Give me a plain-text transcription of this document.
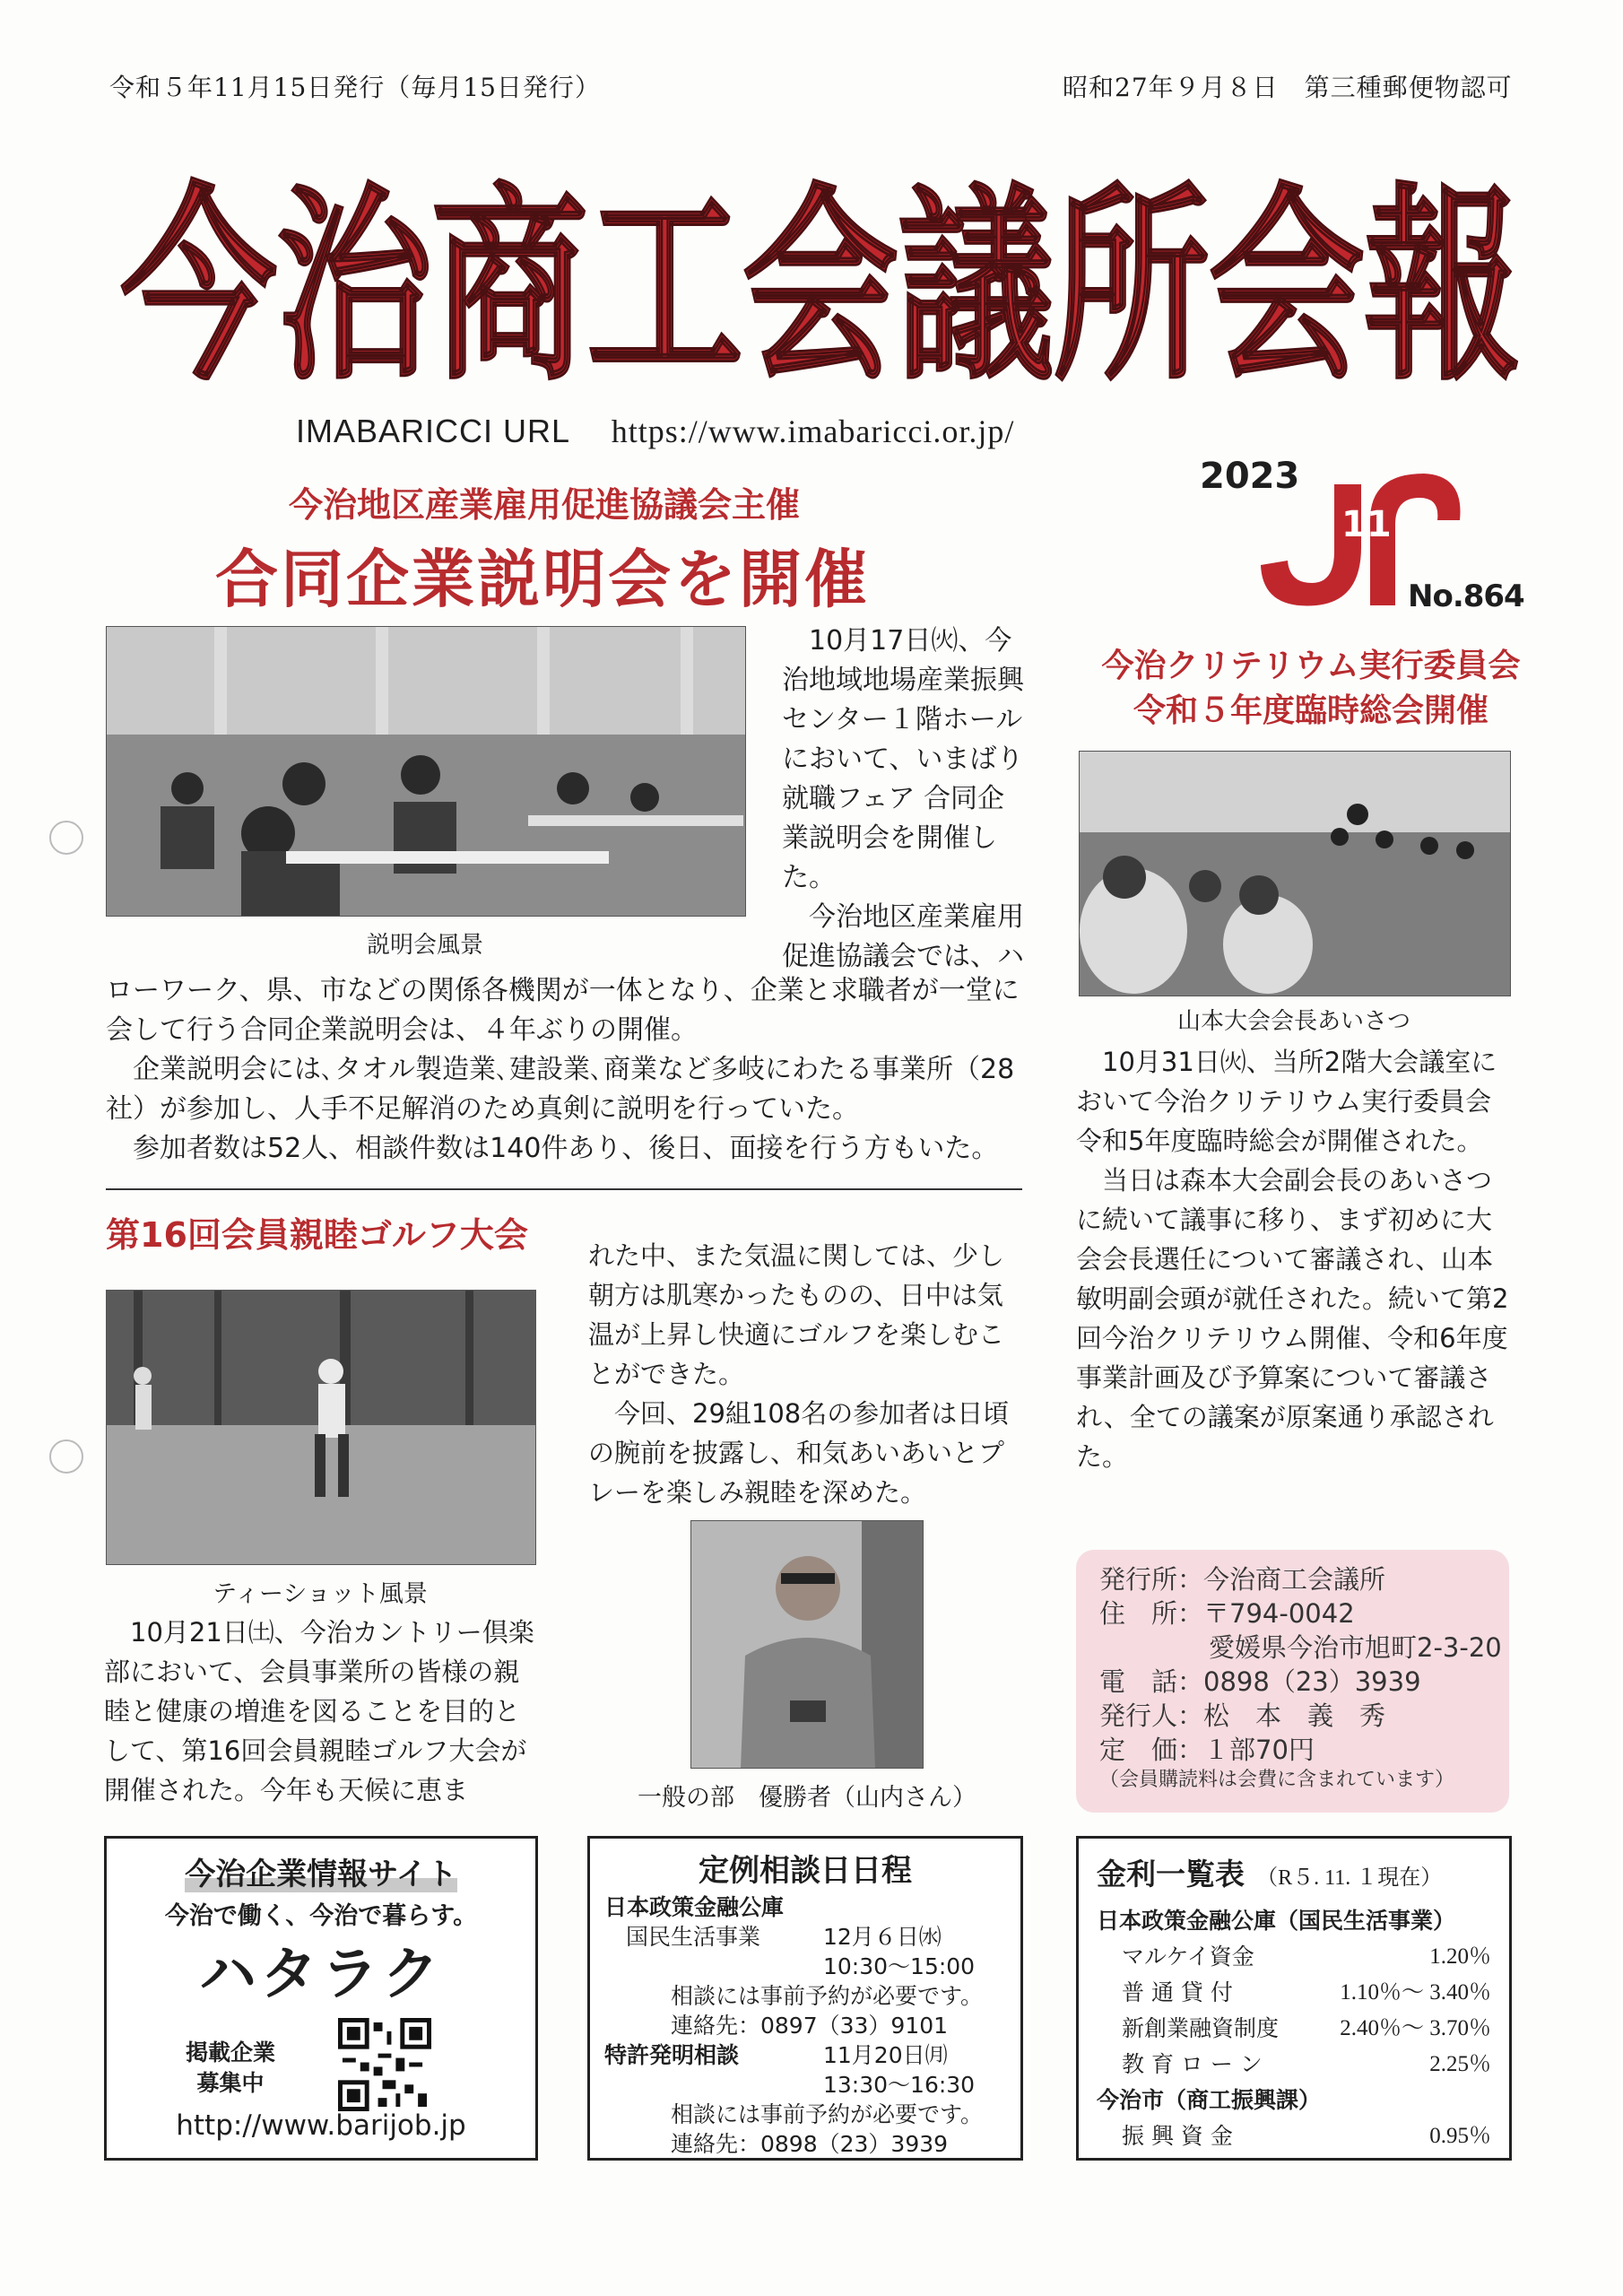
令和５年11月15日発行（毎月15日発行）	昭和27年９月８日　第三種郵便物認可
今治商工会議所会報
IMABARICCI URL https://www.imabaricci.or.jp/
2023
11
No.864
今治地区産業雇用促進協議会主催
合同企業説明会を開催
説明会風景

10月17日㈫、今治地域地場産業振興センター１階ホールにおいて、いまばり就職フェア 合同企業説明会を開催した。

今治地区産業雇用促進協議会では、ハ

ローワーク、県、市などの関係各機関が一体となり、企業と求職者が一堂に

会して行う合同企業説明会は、４年ぶりの開催。

企業説明会には､タオル製造業､建設業､商業など多岐にわたる事業所（28

社）が参加し、人手不足解消のため真剣に説明を行っていた。

参加者数は52人、相談件数は140件あり、後日、面接を行う方もいた。

今治クリテリウム実行委員会
令和５年度臨時総会開催
山本大会会長あいさつ

10月31日㈫、当所2階大会議室において今治クリテリウム実行委員会令和5年度臨時総会が開催された。

当日は森本大会副会長のあいさつに続いて議事に移り、まず初めに大会会長選任について審議され、山本敏明副会頭が就任された。続いて第2回今治クリテリウム開催、令和6年度事業計画及び予算案について審議され、全ての議案が原案通り承認された。

第16回会員親睦ゴルフ大会
ティーショット風景

10月21日㈯、今治カントリー倶楽部において、会員事業所の皆様の親睦と健康の増進を図ることを目的として、第16回会員親睦ゴルフ大会が開催された。今年も天候に恵ま

れた中、また気温に関しては、少し朝方は肌寒かったものの、日中は気温が上昇し快適にゴルフを楽しむことができた。

今回、29組108名の参加者は日頃の腕前を披露し、和気あいあいとプレーを楽しみ親睦を深めた。

一般の部　優勝者（山内さん）
発行所：今治商工会議所
住　所：〒794-0042
愛媛県今治市旭町2-3-20
電　話：0898（23）3939
発行人：松　本　義　秀
定　価：１部70円
（会員購読料は会費に含まれています）
今治企業情報サイト
今治で働く、今治で暮らす。
ハタラク
掲載企業
募集中
http://www.barijob.jp
定例相談日日程
日本政策金融公庫
国民生活事業	12月６日㈬
10:30～15:00
相談には事前予約が必要です。
連絡先：0897（33）9101
特許発明相談	11月20日㈪
13:30～16:30
相談には事前予約が必要です。
連絡先：0898（23）3939
金利一覧表 （R５. 11. １現在）
日本政策金融公庫（国民生活事業）
マルケイ資金	1.20％
普 通 貸 付	1.10％～ 3.40％
新創業融資制度	2.40％～ 3.70％
教 育 ロ ー ン	2.25％
今治市（商工振興課）
振 興 資 金	0.95％
